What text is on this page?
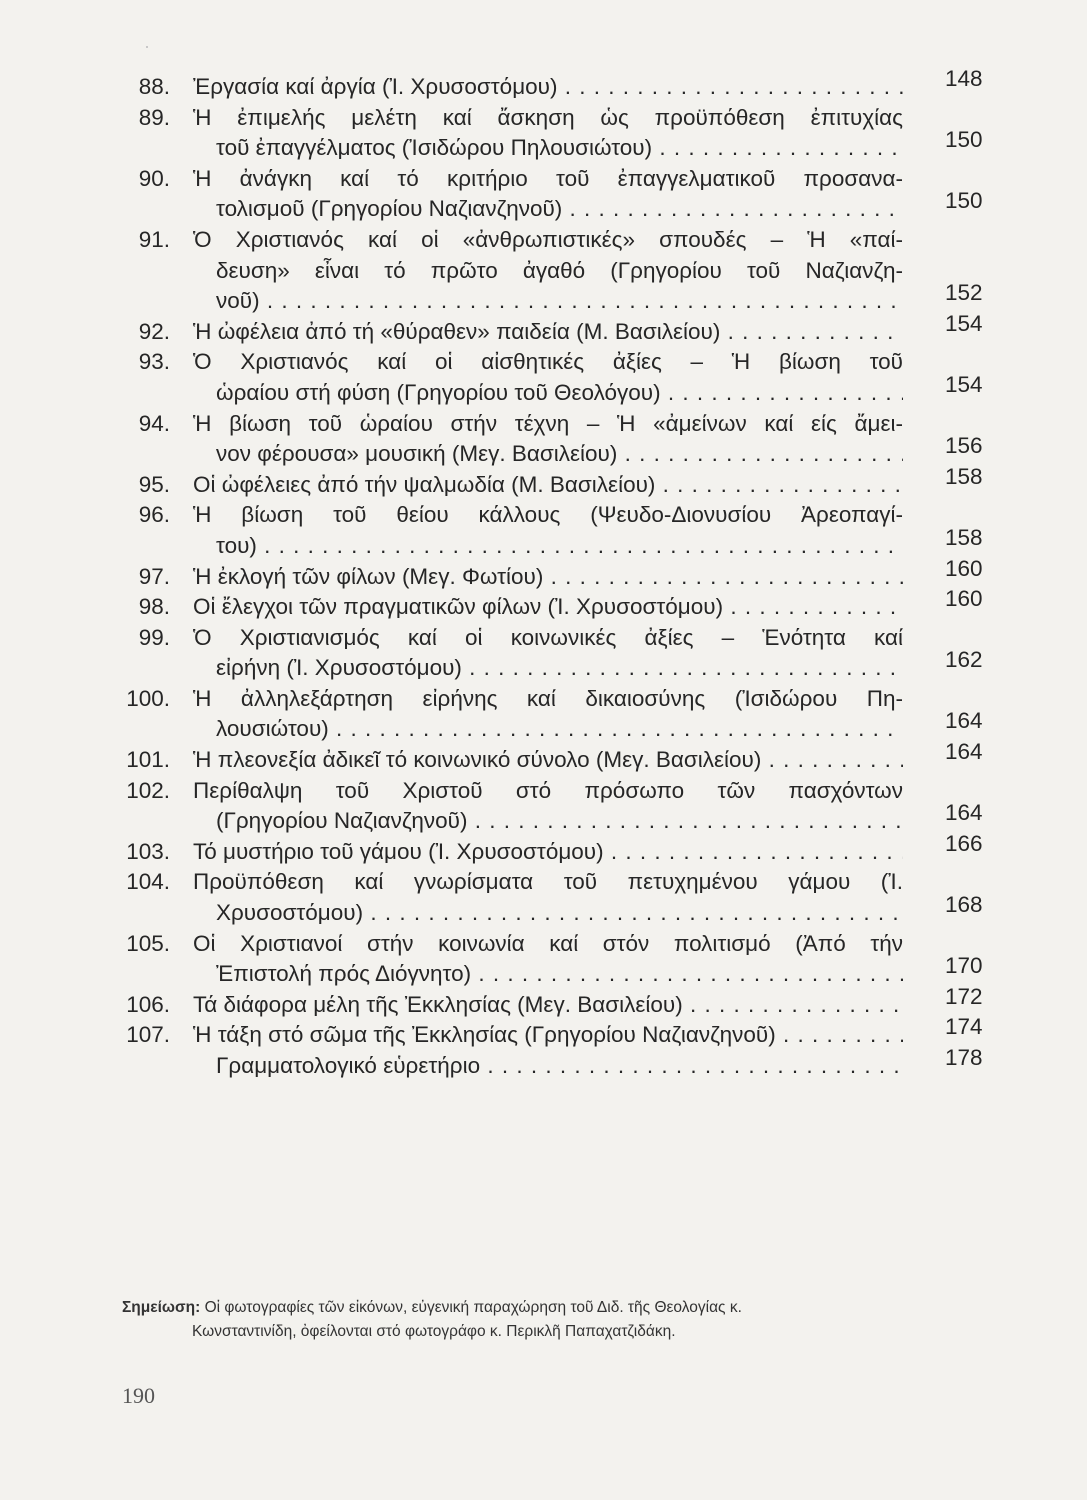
88. Ἐργασία καί ἀργία (Ἰ. Χρυσοστόμου) . . .	148
89. Ἡ ἐπιμελής μελέτη καί ἄσκηση ὡς προϋπόθεση ἐπιτυχίας
τοῦ ἐπαγγέλματος (Ἰσιδώρου Πηλουσιώτου) . . .	150
90. Ἡ ἀνάγκη καί τό κριτήριο τοῦ ἐπαγγελματικοῦ προσανα-
τολισμοῦ (Γρηγορίου Ναζιανζηνοῦ) . . .	150
91. Ὁ Χριστιανός καί οἱ «ἀνθρωπιστικές» σπουδές – Ἡ «παί-
δευση» εἶναι τό πρῶτο ἀγαθό (Γρηγορίου τοῦ Ναζιανζη-
νοῦ) . . .	152
92. Ἡ ὠφέλεια ἀπό τή «θύραθεν» παιδεία (Μ. Βασιλείου) . . .	154
93. Ὁ Χριστιανός καί οἱ αἰσθητικές ἀξίες – Ἡ βίωση τοῦ
ὡραίου στή φύση (Γρηγορίου τοῦ Θεολόγου) . . .	154
94. Ἡ βίωση τοῦ ὡραίου στήν τέχνη – Ἡ «ἀμείνων καί είς ἄμει-
νον φέρουσα» μουσική (Μεγ. Βασιλείου) . . .	156
95. Οἱ ὠφέλειες ἀπό τήν ψαλμωδία (Μ. Βασιλείου) . . .	158
96. Ἡ βίωση τοῦ θείου κάλλους (Ψευδο-Διονυσίου Ἀρεοπαγί-
του) . . .	158
97. Ἡ ἐκλογή τῶν φίλων (Μεγ. Φωτίου) . . .	160
98. Οἱ ἔλεγχοι τῶν πραγματικῶν φίλων (Ἰ. Χρυσοστόμου) . . .	160
99. Ὁ Χριστιανισμός καί οἱ κοινωνικές ἀξίες – Ἑνότητα καί
εἰρήνη (Ἰ. Χρυσοστόμου) . . .	162
100. Ἡ ἀλληλεξάρτηση εἰρήνης καί δικαιοσύνης (Ἰσιδώρου Πη-
λουσιώτου) . . .	164
101. Ἡ πλεονεξία ἀδικεῖ τό κοινωνικό σύνολο (Μεγ. Βασιλείου) . . .	164
102. Περίθαλψη τοῦ Χριστοῦ στό πρόσωπο τῶν πασχόντων
(Γρηγορίου Ναζιανζηνοῦ) . . .	164
103. Τό μυστήριο τοῦ γάμου (Ἰ. Χρυσοστόμου) . . .	166
104. Προϋπόθεση καί γνωρίσματα τοῦ πετυχημένου γάμου (Ἰ.
Χρυσοστόμου) . . .	168
105. Οἱ Χριστιανοί στήν κοινωνία καί στόν πολιτισμό (Ἀπό τήν
Ἐπιστολή πρός Διόγνητο) . . .	170
106. Τά διάφορα μέλη τῆς Ἐκκλησίας (Μεγ. Βασιλείου) . . .	172
107. Ἡ τάξη στό σῶμα τῆς Ἐκκλησίας (Γρηγορίου Ναζιανζηνοῦ) . . .	174
Γραμματολογικό εὑρετήριο . . .	178
Σημείωση: Οἱ φωτογραφίες τῶν εἰκόνων, εὐγενική παραχώρηση τοῦ Διδ. τῆς Θεολογίας κ.
Κωνσταντινίδη, ὀφείλονται στό φωτογράφο κ. Περικλῆ Παπαχατζιδάκη.
190
